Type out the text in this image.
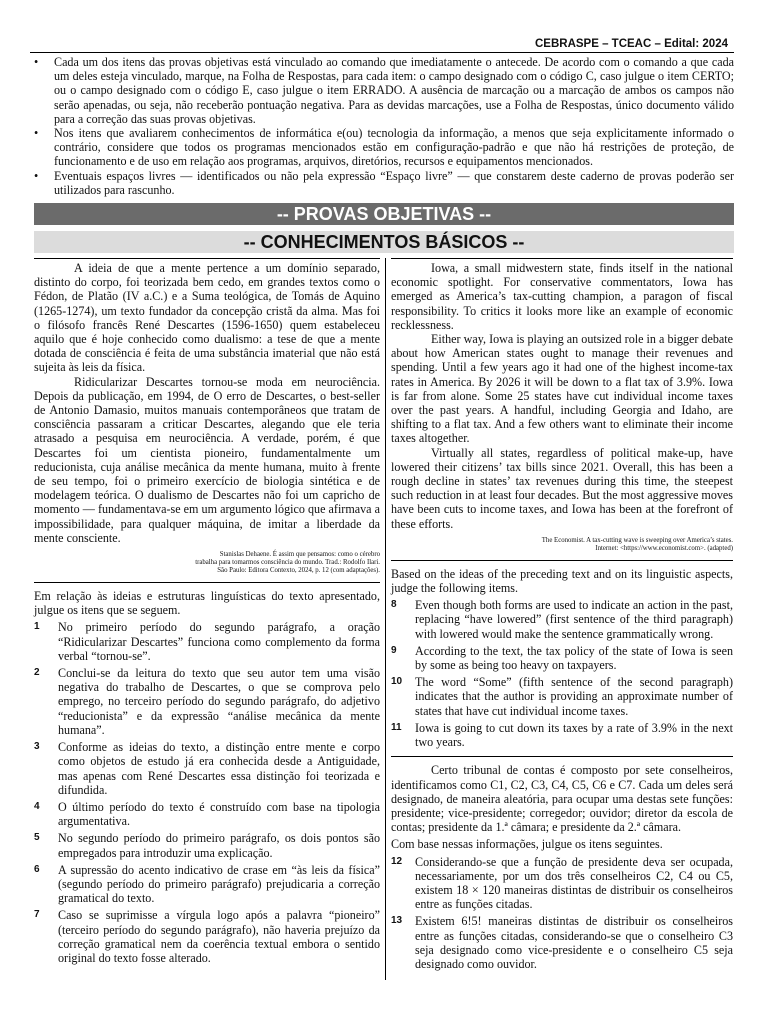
CEBRASPE – TCEAC – Edital: 2024
• Cada um dos itens das provas objetivas está vinculado ao comando que imediatamente o antecede. De acordo com o comando a que cada um deles esteja vinculado, marque, na Folha de Respostas, para cada item: o campo designado com o código C, caso julgue o item CERTO; ou o campo designado com o código E, caso julgue o item ERRADO. A ausência de marcação ou a marcação de ambos os campos não serão apenadas, ou seja, não receberão pontuação negativa. Para as devidas marcações, use a Folha de Respostas, único documento válido para a correção das suas provas objetivas.
• Nos itens que avaliarem conhecimentos de informática e(ou) tecnologia da informação, a menos que seja explicitamente informado o contrário, considere que todos os programas mencionados estão em configuração-padrão e que não há restrições de proteção, de funcionamento e de uso em relação aos programas, arquivos, diretórios, recursos e equipamentos mencionados.
• Eventuais espaços livres — identificados ou não pela expressão “Espaço livre” — que constarem deste caderno de provas poderão ser utilizados para rascunho.
-- PROVAS OBJETIVAS --
-- CONHECIMENTOS BÁSICOS --

A ideia de que a mente pertence a um domínio separado, distinto do corpo, foi teorizada bem cedo, em grandes textos como o Fédon, de Platão (IV a.C.) e a Suma teológica, de Tomás de Aquino (1265-1274), um texto fundador da concepção cristã da alma. Mas foi o filósofo francês René Descartes (1596-1650) quem estabeleceu aquilo que é hoje conhecido como dualismo: a tese de que a mente dotada de consciência é feita de uma substância imaterial que não está sujeita às leis da física.

Ridicularizar Descartes tornou-se moda em neurociência. Depois da publicação, em 1994, de O erro de Descartes, o best-seller de Antonio Damasio, muitos manuais contemporâneos que tratam de consciência passaram a criticar Descartes, alegando que ele teria atrasado a pesquisa em neurociência. A verdade, porém, é que Descartes foi um cientista pioneiro, fundamentalmente um reducionista, cuja análise mecânica da mente humana, muito à frente de seu tempo, foi o primeiro exercício de biologia sintética e de modelagem teórica. O dualismo de Descartes não foi um capricho de momento — fundamentava-se em um argumento lógico que afirmava a impossibilidade, para qualquer máquina, de imitar a liberdade da mente consciente.

Stanislas Dehaene. É assim que pensamos: como o cérebro
trabalha para tomarmos consciência do mundo. Trad.: Rodolfo Ilari.
São Paulo: Editora Contexto, 2024, p. 12 (com adaptações).

Em relação às ideias e estruturas linguísticas do texto apresentado, julgue os itens que se seguem.

1 No primeiro período do segundo parágrafo, a oração “Ridicularizar Descartes” funciona como complemento da forma verbal “tornou-se”.
2 Conclui-se da leitura do texto que seu autor tem uma visão negativa do trabalho de Descartes, o que se comprova pelo emprego, no terceiro período do segundo parágrafo, do adjetivo “reducionista” e da expressão “análise mecânica da mente humana”.
3 Conforme as ideias do texto, a distinção entre mente e corpo como objetos de estudo já era conhecida desde a Antiguidade, mas apenas com René Descartes essa distinção foi teorizada e difundida.
4 O último período do texto é construído com base na tipologia argumentativa.
5 No segundo período do primeiro parágrafo, os dois pontos são empregados para introduzir uma explicação.
6 A supressão do acento indicativo de crase em “às leis da física” (segundo período do primeiro parágrafo) prejudicaria a correção gramatical do texto.
7 Caso se suprimisse a vírgula logo após a palavra “pioneiro” (terceiro período do segundo parágrafo), não haveria prejuízo da correção gramatical nem da coerência textual embora o sentido original do texto fosse alterado.

Iowa, a small midwestern state, finds itself in the national economic spotlight. For conservative commentators, Iowa has emerged as America’s tax-cutting champion, a paragon of fiscal responsibility. To critics it looks more like an example of economic recklessness.

Either way, Iowa is playing an outsized role in a bigger debate about how American states ought to manage their revenues and spending. Until a few years ago it had one of the highest income-tax rates in America. By 2026 it will be down to a flat tax of 3.9%. Iowa is far from alone. Some 25 states have cut individual income taxes over the past years. A handful, including Georgia and Idaho, are shifting to a flat tax. And a few others want to eliminate their income taxes altogether.

Virtually all states, regardless of political make-up, have lowered their citizens’ tax bills since 2021. Overall, this has been a rough decline in states’ tax revenues during this time, the steepest such reduction in at least four decades. But the most aggressive moves have been cuts to income taxes, and Iowa has been at the forefront of these efforts.

The Economist. A tax-cutting wave is sweeping over America’s states.
Internet: <https://www.economist.com>. (adapted)

Based on the ideas of the preceding text and on its linguistic aspects, judge the following items.

8 Even though both forms are used to indicate an action in the past, replacing “have lowered” (first sentence of the third paragraph) with lowered would make the sentence grammatically wrong.
9 According to the text, the tax policy of the state of Iowa is seen by some as being too heavy on taxpayers.
10 The word “Some” (fifth sentence of the second paragraph) indicates that the author is providing an approximate number of states that have cut individual income taxes.
11 Iowa is going to cut down its taxes by a rate of 3.9% in the next two years.

Certo tribunal de contas é composto por sete conselheiros, identificamos como C1, C2, C3, C4, C5, C6 e C7. Cada um deles será designado, de maneira aleatória, para ocupar uma destas sete funções: presidente; vice-presidente; corregedor; ouvidor; diretor da escola de contas; presidente da 1.ª câmara; e presidente da 2.ª câmara.

Com base nessas informações, julgue os itens seguintes.

12 Considerando-se que a função de presidente deva ser ocupada, necessariamente, por um dos três conselheiros C2, C4 ou C5, existem 18 × 120 maneiras distintas de distribuir os conselheiros entre as funções citadas.
13 Existem 6!5! maneiras distintas de distribuir os conselheiros entre as funções citadas, considerando-se que o conselheiro C3 seja designado como vice-presidente e o conselheiro C5 seja designado como ouvidor.
